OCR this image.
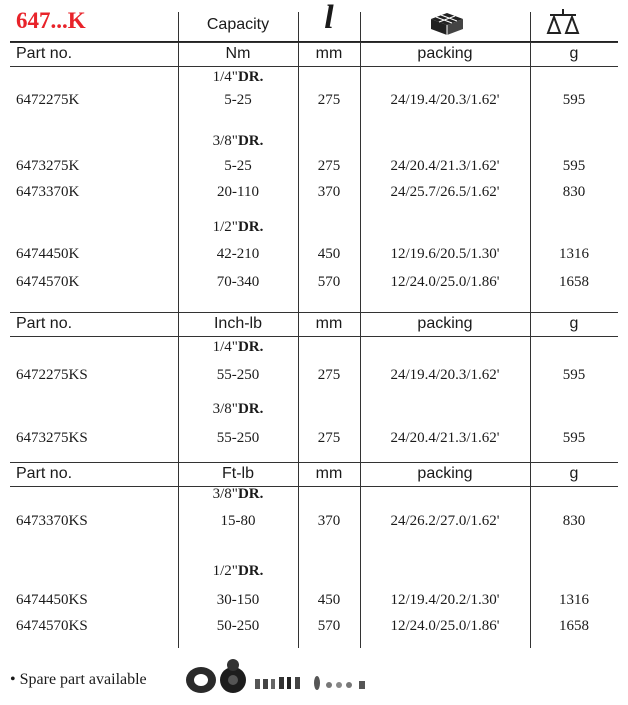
647...K	Capacity	l
Part no.	Nm	mm	packing	g
1/4"DR.
6472275K	5-25	275	24/19.4/20.3/1.62'	595
3/8"DR.
6473275K	5-25	275	24/20.4/21.3/1.62'	595
6473370K	20-110	370	24/25.7/26.5/1.62'	830
1/2"DR.
6474450K	42-210	450	12/19.6/20.5/1.30'	1316
6474570K	70-340	570	12/24.0/25.0/1.86'	1658
Part no.	Inch-lb	mm	packing	g
1/4"DR.
6472275KS	55-250	275	24/19.4/20.3/1.62'	595
3/8"DR.
6473275KS	55-250	275	24/20.4/21.3/1.62'	595
Part no.	Ft-lb	mm	packing	g
3/8"DR.
6473370KS	15-80	370	24/26.2/27.0/1.62'	830
1/2"DR.
6474450KS	30-150	450	12/19.4/20.2/1.30'	1316
6474570KS	50-250	570	12/24.0/25.0/1.86'	1658
• Spare part available
